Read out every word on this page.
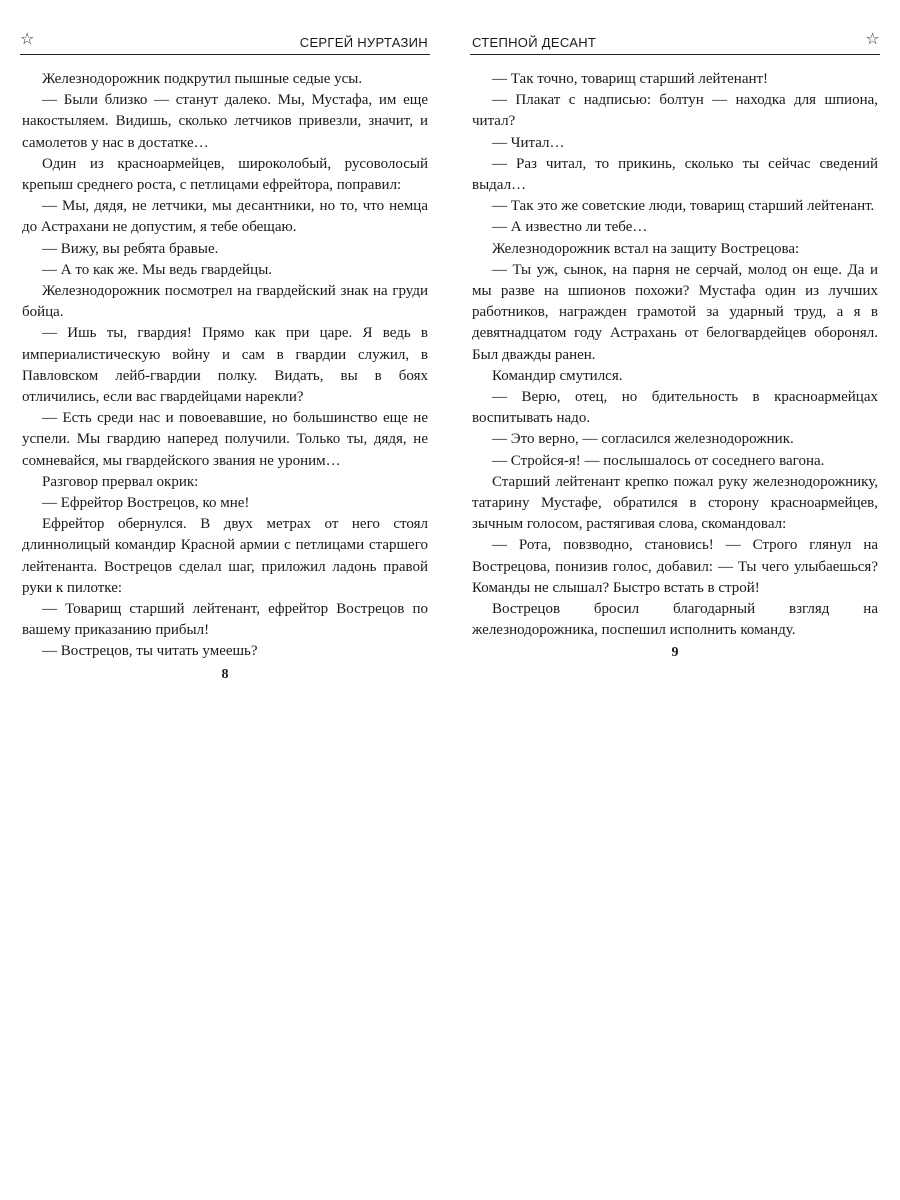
☆	СЕРГЕЙ НУРТАЗИН

Железнодорожник подкрутил пышные седые усы.

— Были близко — станут далеко. Мы, Мустафа, им еще накостыляем. Видишь, сколько летчиков привезли, значит, и самолетов у нас в достатке…

Один из красноармейцев, широколобый, русоволосый крепыш среднего роста, с петлицами ефрейтора, поправил:

— Мы, дядя, не летчики, мы десантники, но то, что немца до Астрахани не допустим, я тебе обещаю.

— Вижу, вы ребята бравые.

— А то как же. Мы ведь гвардейцы.

Железнодорожник посмотрел на гвардейский знак на груди бойца.

— Ишь ты, гвардия! Прямо как при царе. Я ведь в империалистическую войну и сам в гвардии служил, в Павловском лейб-гвардии полку. Видать, вы в боях отличились, если вас гвардейцами нарекли?

— Есть среди нас и повоевавшие, но большинство еще не успели. Мы гвардию наперед получили. Только ты, дядя, не сомневайся, мы гвардейского звания не уроним…

Разговор прервал окрик:

— Ефрейтор Вострецов, ко мне!

Ефрейтор обернулся. В двух метрах от него стоял длиннолицый командир Красной армии с петлицами старшего лейтенанта. Вострецов сделал шаг, приложил ладонь правой руки к пилотке:

— Товарищ старший лейтенант, ефрейтор Вострецов по вашему приказанию прибыл!

— Вострецов, ты читать умеешь?

8
СТЕПНОЙ ДЕСАНТ	☆

— Так точно, товарищ старший лейтенант!

— Плакат с надписью: болтун — находка для шпиона, читал?

— Читал…

— Раз читал, то прикинь, сколько ты сейчас сведений выдал…

— Так это же советские люди, товарищ старший лейтенант.

— А известно ли тебе…

Железнодорожник встал на защиту Вострецова:

— Ты уж, сынок, на парня не серчай, молод он еще. Да и мы разве на шпионов похожи? Мустафа один из лучших работников, награжден грамотой за ударный труд, а я в девятнадцатом году Астрахань от белогвардейцев оборонял. Был дважды ранен.

Командир смутился.

— Верю, отец, но бдительность в красноармейцах воспитывать надо.

— Это верно, — согласился железнодорожник.

— Стройся-я! — послышалось от соседнего вагона.

Старший лейтенант крепко пожал руку железнодорожнику, татарину Мустафе, обратился в сторону красноармейцев, зычным голосом, растягивая слова, скомандовал:

— Рота, повзводно, становись! — Строго глянул на Вострецова, понизив голос, добавил: — Ты чего улыбаешься? Команды не слышал? Быстро встать в строй!

Вострецов бросил благодарный взгляд на железнодорожника, поспешил исполнить команду.

9
